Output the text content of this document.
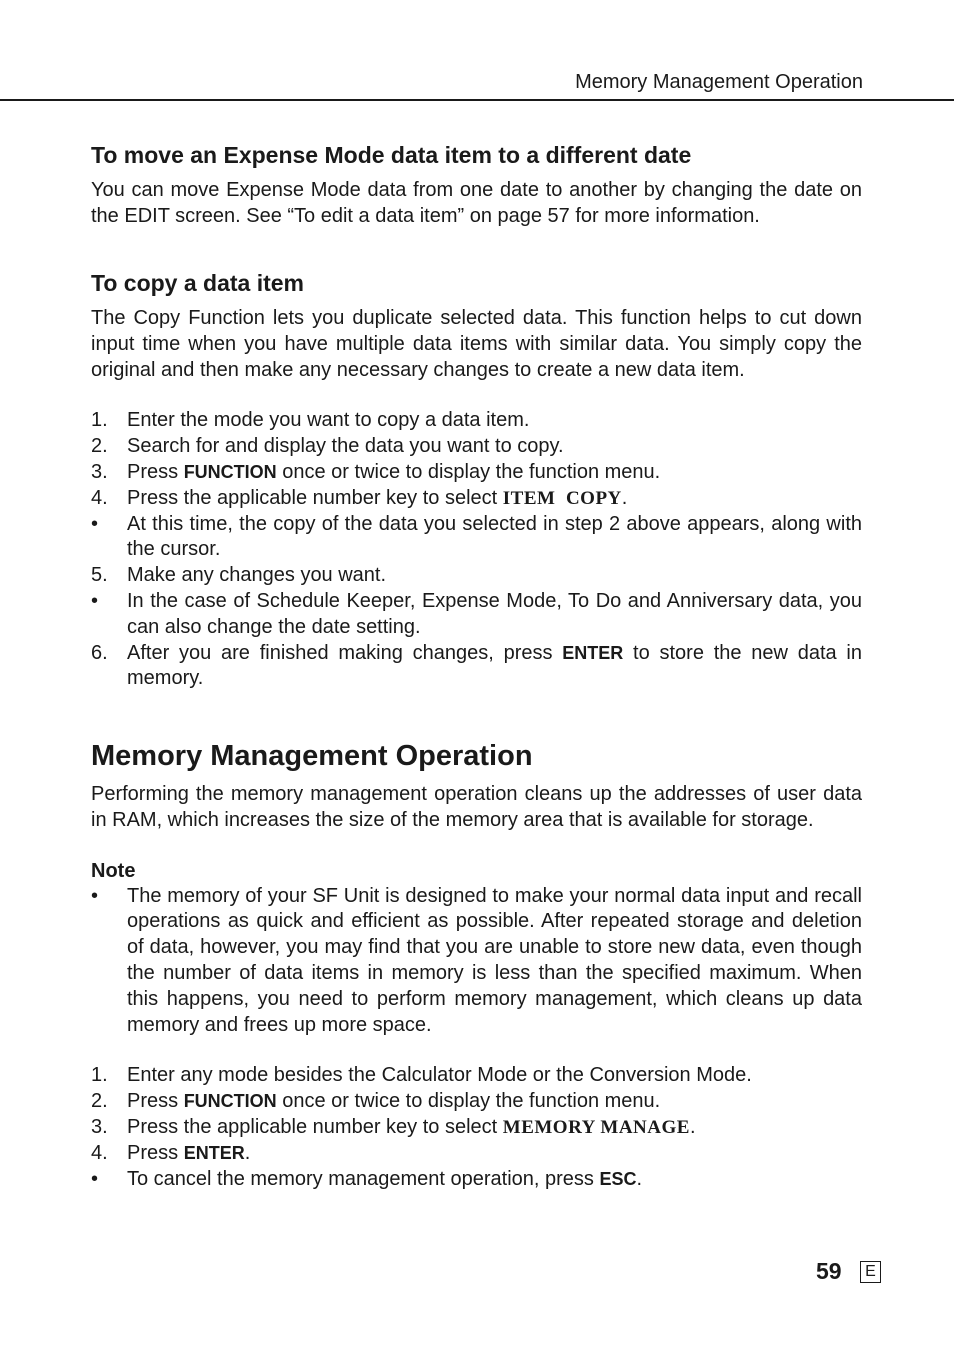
Memory Management Operation
To move an Expense Mode data item to a different date

You can move Expense Mode data from one date to another by changing the date on the EDIT screen. See “To edit a data item” on page 57 for more information.

To copy a data item

The Copy Function lets you duplicate selected data. This function helps to cut down input time when you have multiple data items with similar data. You simply copy the original and then make any necessary changes to create a new data item.

1. Enter the mode you want to copy a data item.
2. Search for and display the data you want to copy.
3. Press FUNCTION once or twice to display the function menu.
4. Press the applicable number key to select ITEM  COPY.
•	At this time, the copy of the data you selected in step 2 above appears, along with the cursor.
5. Make any changes you want.
•	In the case of Schedule Keeper, Expense Mode, To Do and Anniversary data, you can also change the date setting.
6. After you are finished making changes, press ENTER to store the new data in memory.
Memory Management Operation

Performing the memory management operation cleans up the addresses of user data in RAM, which increases the size of the memory area that is available for storage.

Note
•	The memory of your SF Unit is designed to make your normal data input and recall operations as quick and efficient as possible. After repeated storage and deletion of data, however, you may find that you are unable to store new data, even though the number of data items in memory is less than the specified maximum. When this happens, you need to perform memory management, which cleans up data memory and frees up more space.
1. Enter any mode besides the Calculator Mode or the Conversion Mode.
2. Press FUNCTION once or twice to display the function menu.
3. Press the applicable number key to select MEMORY MANAGE.
4. Press ENTER.
•	To cancel the memory management operation, press ESC.
59	E
